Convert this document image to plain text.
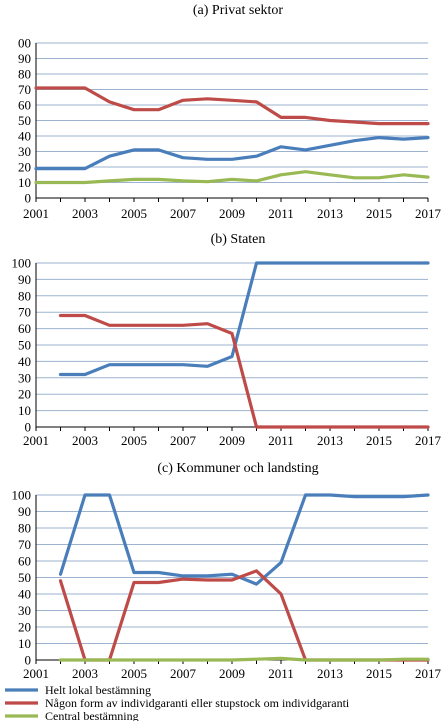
(a) Privat sektor
0
10
20
30
40
50
60
70
80
90
00
2001 2003 2005 2007 2009 2011 2013 2015 2017
(b) Staten
0
10
20
30
40
50
60
70
80
90
100
2001 2003 2005 2007 2009 2011 2013 2015 2017
(c) Kommuner och landsting
0
10
20
30
40
50
60
70
80
90
100
2001 2003 2005 2007 2009 2011 2013 2015 2017
Helt lokal bestämning
Någon form av individgaranti eller stupstock om individgaranti
Central bestämning
